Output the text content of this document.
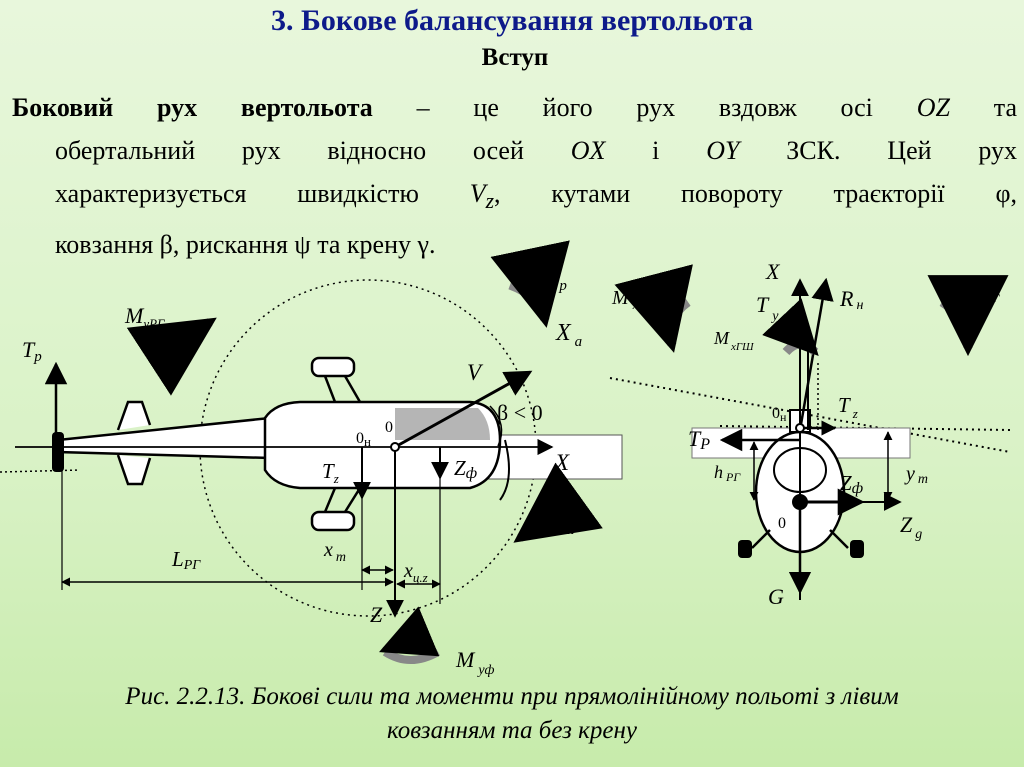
3. Бокове балансування вертольота
Вступ
Боковий рух вертольота – це його рух вздовж осі OZ та
обертальний рух відносно осей OX і OY ЗСК. Цей рух
характеризується швидкістю $V_z$, кутами повороту траєкторії φ,
ковзання β, рискання ψ та крену γ.
Tр
$M_{yРГ}$
M р
X $_a$
V
β < 0
0
0н
$T_z$	Zф	X
$\omega_н$
LРГ
x $_т$
$x_{ц.z}$
Z
M $_{yф}$
X
T $_y$
Rн
M $_{xРГ}$
M $_{xНГ}$
M $_{xГШ}$
0н T $_z$
TР
hРГ	y т
Zф
0	Z $_g$
G
Рис. 2.2.13. Бокові сили та моменти при прямолінійному польоті з лівим
ковзанням та без крену
